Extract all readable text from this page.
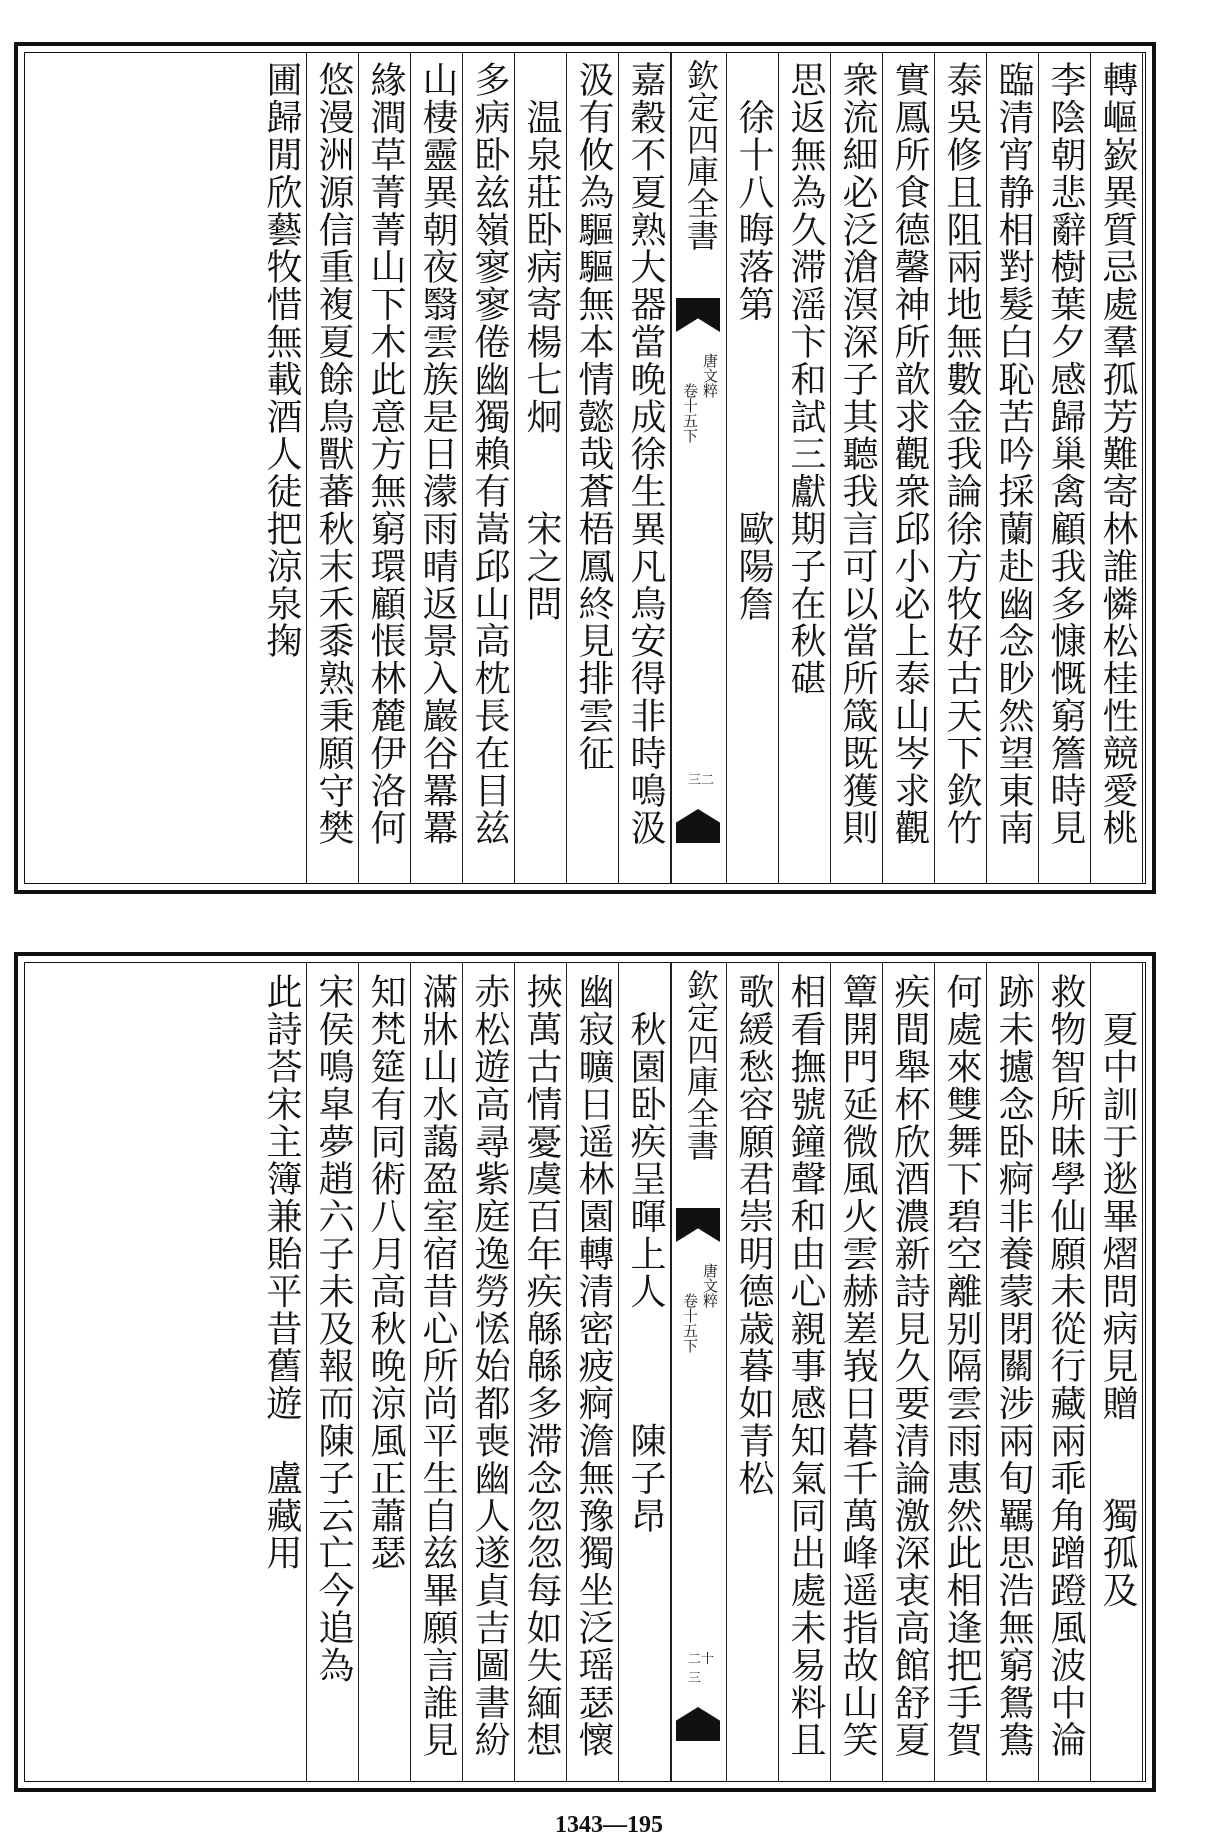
轉嶇嶔異質忌處羣孤芳難寄林誰憐松桂性競愛桃
李陰朝悲辭樹葉夕感歸巢禽顧我多慷慨窮簷時見
臨清宵静相對髮白恥苦吟採蘭赴幽念眇然望東南
泰吳修且阻兩地無數金我論徐方牧好古天下欽竹
實鳳所食德馨神所歆求觀衆邱小必上泰山岑求觀
衆流細必泛滄溟深子其聽我言可以當所箴既獲則
思返無為久滞滛卞和試三獻期子在秋碪
　徐十八晦落第　　　　　歐陽詹
欽定四庫全書
唐文粹
卷十五下
三二
嘉穀不夏熟大器當晚成徐生異凡鳥安得非時鳴汲
汲有攸為驅驅無本情懿哉蒼梧鳳終見排雲征
　温泉莊卧病寄楊七炯　　宋之問
多病卧兹嶺寥寥倦幽獨賴有嵩邱山高枕長在目兹
山棲靈異朝夜翳雲族是日濛雨晴返景入巖谷羃羃
緣澗草菁菁山下木此意方無窮環顧悵林麓伊洛何
悠漫洲源信重複夏餘鳥獸蕃秋末禾黍熟秉願守樊
圃歸閒欣藝牧惜無載酒人徒把涼泉掬
　夏中訓于逖畢熠問病見贈　　獨孤及
救物智所昧學仙願未從行藏兩乖角蹭蹬風波中淪
跡未攄念卧痾非養蒙閉關涉兩旬羈思浩無窮鴛鴦
何處來雙舞下碧空離别隔雲雨惠然此相逢把手賀
疾間舉杯欣酒濃新詩見久要清論激深衷高館舒夏
簟開門延微風火雲赫嵳峩日暮千萬峰遥指故山笑
相看撫號鐘聲和由心親事感知氣同出處未易料且
歌緩愁容願君崇明德歳暮如青松
欽定四庫全書
唐文粹
卷十五下
二十三
　秋園卧疾呈暉上人　　　陳子昂
幽寂曠日遥林園轉清密疲痾澹無豫獨坐泛瑶瑟懷
挾萬古情憂虞百年疾緜緜多滞念忽忽每如失緬想
赤松遊高尋紫庭逸勞恡始都喪幽人遂貞吉圖書紛
滿牀山水藹盈室宿昔心所尚平生自兹畢願言誰見
知梵筵有同術八月高秋晚涼風正蕭瑟
宋侯鳴皐夢趙六子未及報而陳子云亡今追為
此詩荅宋主簿兼貽平昔舊遊　盧藏用
1343—195
